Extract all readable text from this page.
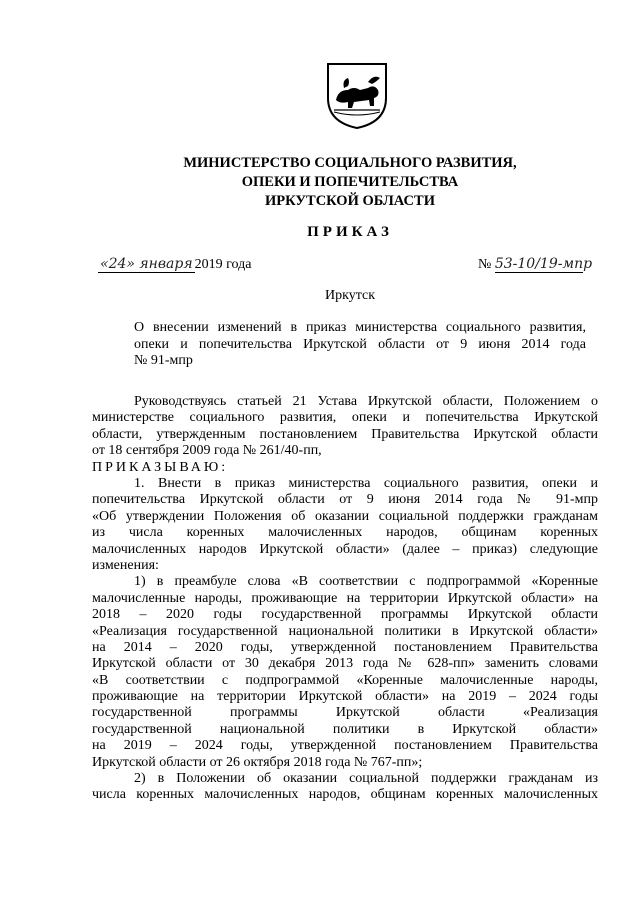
МИНИСТЕРСТВО СОЦИАЛЬНОГО РАЗВИТИЯ,
ОПЕКИ И ПОПЕЧИТЕЛЬСТВА
ИРКУТСКОЙ ОБЛАСТИ
ПРИКАЗ
«24» января 2019 года	№ 53-10/19-мпр
Иркутск
О внесении изменений в приказ министерства социального развития,
опеки и попечительства Иркутской области от 9 июня 2014 года
№ 91-мпр
Руководствуясь статьей 21 Устава Иркутской области, Положением о
министерстве социального развития, опеки и попечительства Иркутской
области, утвержденным постановлением Правительства Иркутской области
от 18 сентября 2009 года № 261/40-пп,
ПРИКАЗЫВАЮ:
1. Внести в приказ министерства социального развития, опеки и
попечительства Иркутской области от 9 июня 2014 года № 91-мпр
«Об утверждении Положения об оказании социальной поддержки гражданам
из числа коренных малочисленных народов, общинам коренных
малочисленных народов Иркутской области» (далее – приказ) следующие
изменения:
1) в преамбуле слова «В соответствии с подпрограммой «Коренные
малочисленные народы, проживающие на территории Иркутской области» на
2018 – 2020 годы государственной программы Иркутской области
«Реализация государственной национальной политики в Иркутской области»
на 2014 – 2020 годы, утвержденной постановлением Правительства
Иркутской области от 30 декабря 2013 года № 628-пп» заменить словами
«В соответствии с подпрограммой «Коренные малочисленные народы,
проживающие на территории Иркутской области» на 2019 – 2024 годы
государственной программы Иркутской области «Реализация
государственной национальной политики в Иркутской области»
на 2019 – 2024 годы, утвержденной постановлением Правительства
Иркутской области от 26 октября 2018 года № 767-пп»;
2) в Положении об оказании социальной поддержки гражданам из
числа коренных малочисленных народов, общинам коренных малочисленных
